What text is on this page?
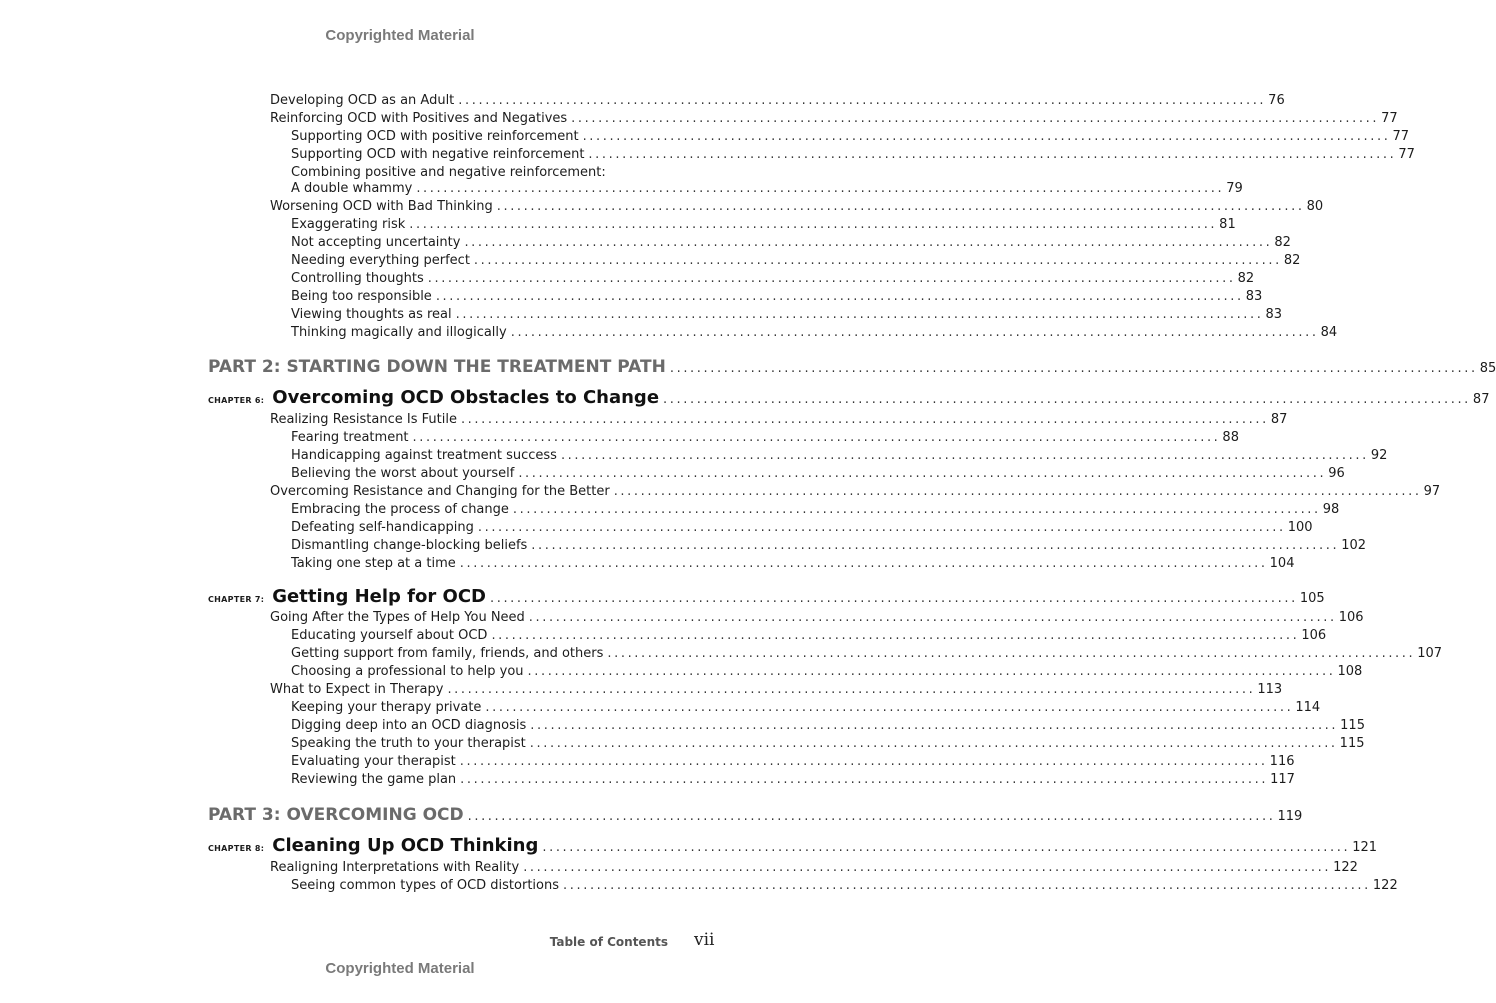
Copyrighted Material
Developing OCD as an Adult ........................................................................................................................ 76
Reinforcing OCD with Positives and Negatives ........................................................................................................................ 77
Supporting OCD with positive reinforcement ........................................................................................................................ 77
Supporting OCD with negative reinforcement ........................................................................................................................ 77
Combining positive and negative reinforcement:
A double whammy ........................................................................................................................ 79
Worsening OCD with Bad Thinking ........................................................................................................................ 80
Exaggerating risk ........................................................................................................................ 81
Not accepting uncertainty ........................................................................................................................ 82
Needing everything perfect ........................................................................................................................ 82
Controlling thoughts ........................................................................................................................ 82
Being too responsible ........................................................................................................................ 83
Viewing thoughts as real ........................................................................................................................ 83
Thinking magically and illogically ........................................................................................................................ 84
PART 2: STARTING DOWN THE TREATMENT PATH ........................................................................................................................ 85
CHAPTER 6: Overcoming OCD Obstacles to Change ........................................................................................................................ 87
Realizing Resistance Is Futile ........................................................................................................................ 87
Fearing treatment ........................................................................................................................ 88
Handicapping against treatment success ........................................................................................................................ 92
Believing the worst about yourself ........................................................................................................................ 96
Overcoming Resistance and Changing for the Better ........................................................................................................................ 97
Embracing the process of change ........................................................................................................................ 98
Defeating self-handicapping ........................................................................................................................ 100
Dismantling change-blocking beliefs ........................................................................................................................ 102
Taking one step at a time ........................................................................................................................ 104
CHAPTER 7: Getting Help for OCD ........................................................................................................................ 105
Going After the Types of Help You Need ........................................................................................................................ 106
Educating yourself about OCD ........................................................................................................................ 106
Getting support from family, friends, and others ........................................................................................................................ 107
Choosing a professional to help you ........................................................................................................................ 108
What to Expect in Therapy ........................................................................................................................ 113
Keeping your therapy private ........................................................................................................................ 114
Digging deep into an OCD diagnosis ........................................................................................................................ 115
Speaking the truth to your therapist ........................................................................................................................ 115
Evaluating your therapist ........................................................................................................................ 116
Reviewing the game plan ........................................................................................................................ 117
PART 3: OVERCOMING OCD ........................................................................................................................ 119
CHAPTER 8: Cleaning Up OCD Thinking ........................................................................................................................ 121
Realigning Interpretations with Reality ........................................................................................................................ 122
Seeing common types of OCD distortions ........................................................................................................................ 122
Table of Contents vii
Copyrighted Material
